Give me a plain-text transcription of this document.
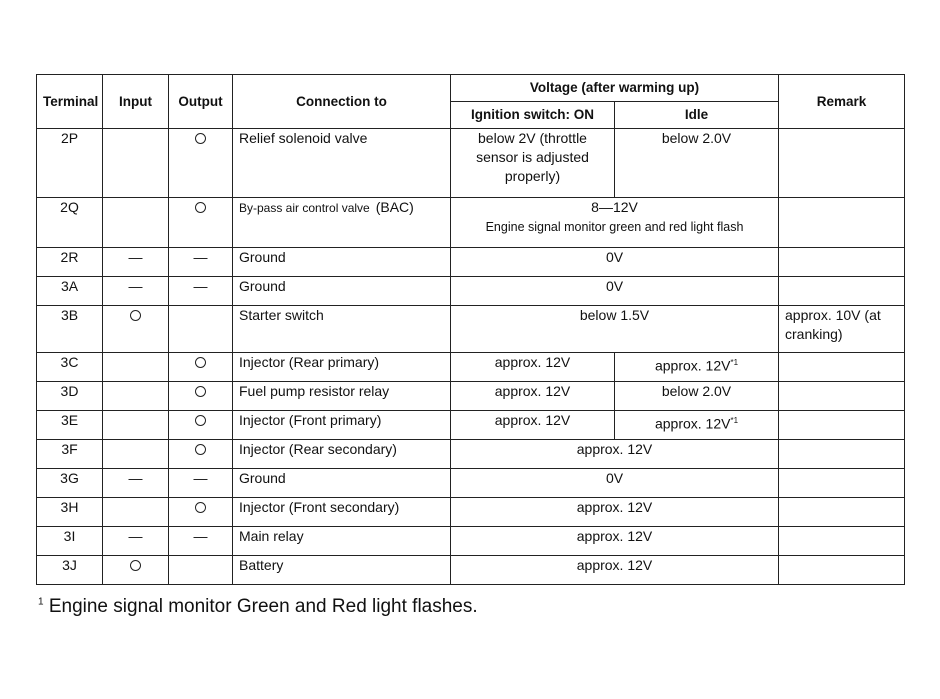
Terminal	Input	Output	Connection to	Voltage (after warming up)		Remark
				Ignition switch: ON	Idle	
2P			Relief solenoid valve	below 2V (throttle sensor is adjusted properly)	below 2.0V	
2Q			By-pass air control valve (BAC)	8—12V
Engine signal monitor green and red light flash		
2R	—	—	Ground	0V		
3A	—	—	Ground	0V		
3B			Starter switch	below 1.5V		approx. 10V (at cranking)
3C			Injector (Rear primary)	approx. 12V	approx. $12V^{*1}$	
3D			Fuel pump resistor relay	approx. 12V	below 2.0V	
3E			Injector (Front primary)	approx. 12V	approx. $12V^{*1}$	
3F			Injector (Rear secondary)	approx. 12V		
3G	—	—	Ground	0V		
3H			Injector (Front secondary)	approx. 12V		
3I	—	—	Main relay	approx. 12V		
3J			Battery	approx. 12V		
$^1$ Engine signal monitor Green and Red light flashes.
